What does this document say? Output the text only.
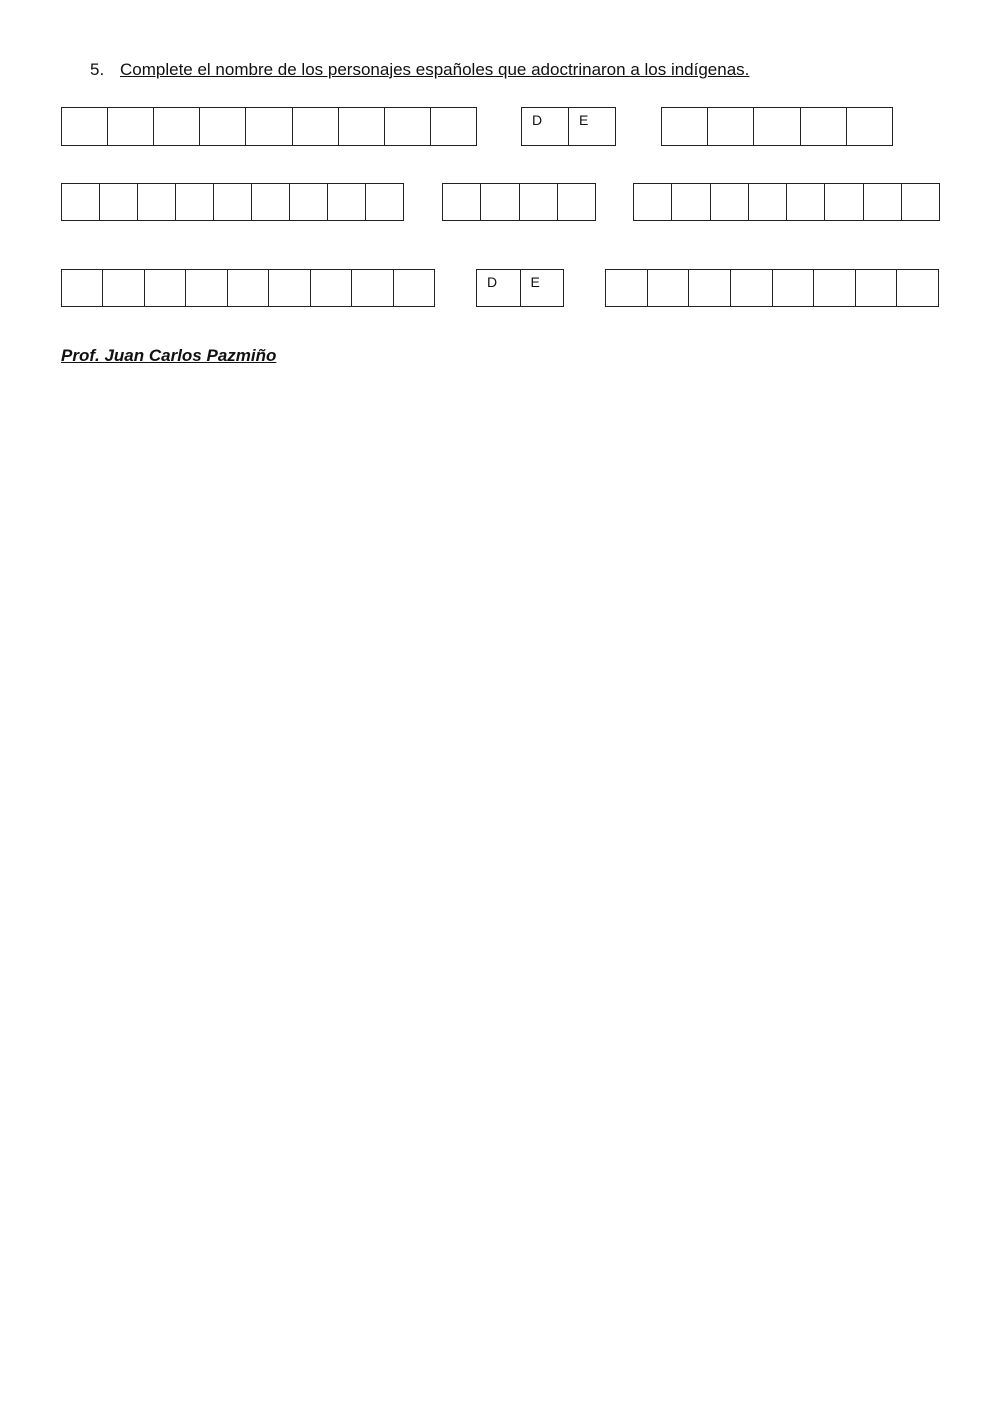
5. Complete el nombre de los personajes españoles que adoctrinaron a los indígenas.
D	E
D	E
Prof. Juan Carlos Pazmiño
